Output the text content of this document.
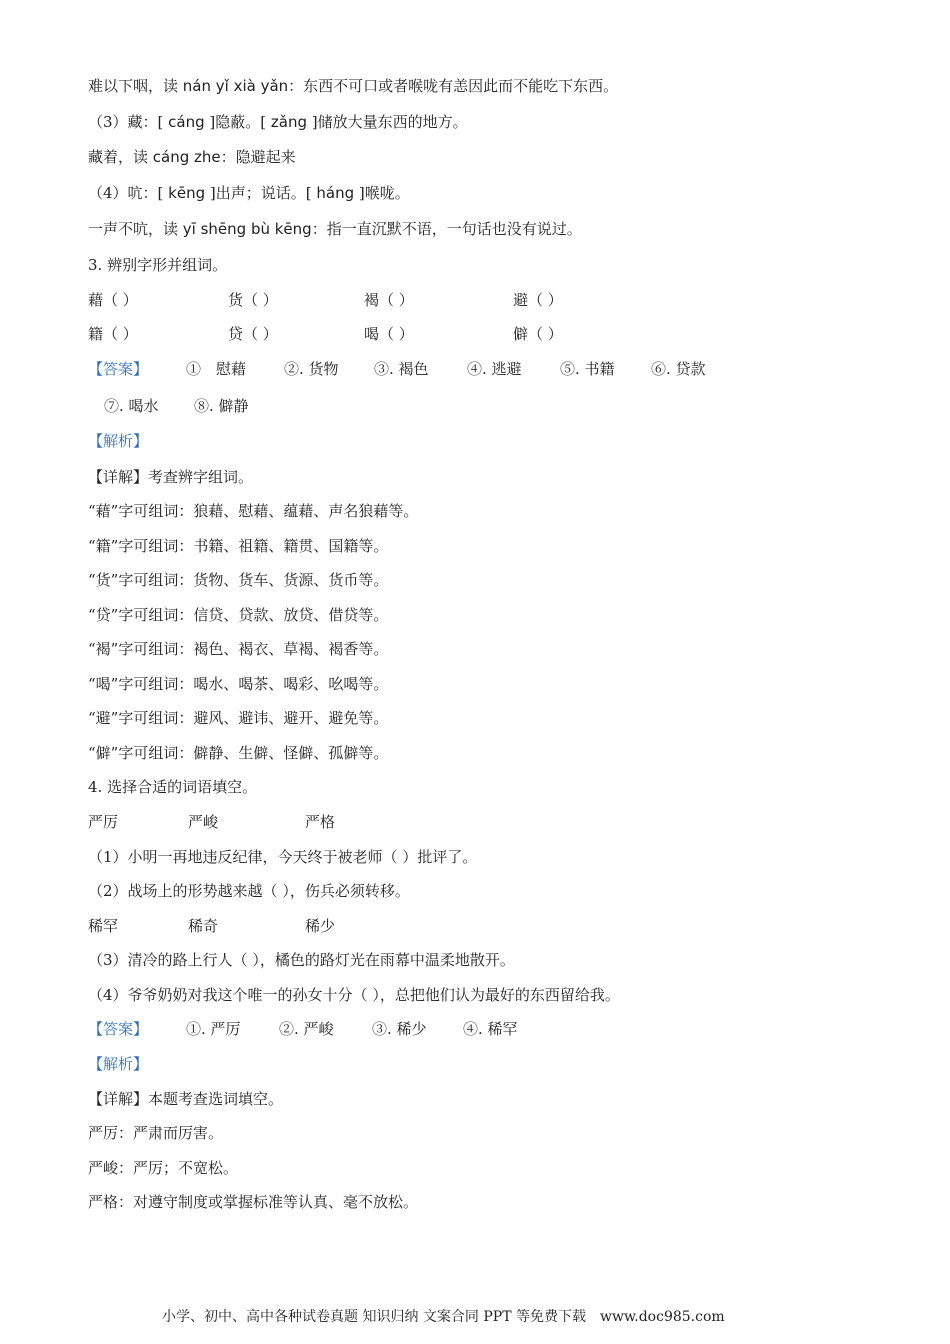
难以下咽，读 nán yǐ xià yǎn：东西不可口或者喉咙有恙因此而不能吃下东西。
（3）藏：[ cáng ]隐蔽。[ zǎng ]储放大量东西的地方。
藏着，读 cáng zhe：隐避起来
（4）吭：[ kēng ]出声；说话。[ háng ]喉咙。
一声不吭，读 yī shēng bù kēng：指一直沉默不语，一句话也没有说过。
3. 辨别字形并组词。
藉（ ）	货（ ）	褐（ ）	避（ ）
籍（ ）	贷（ ）	喝（ ）	僻（ ）
【答案】	①　慰藉	②. 货物 ③. 褐色	④. 逃避	⑤. 书籍 ⑥. 贷款
⑦. 喝水 ⑧. 僻静
【解析】
【详解】考查辨字组词。
“藉”字可组词：狼藉、慰藉、蕴藉、声名狼藉等。
“籍”字可组词：书籍、祖籍、籍贯、国籍等。
“货”字可组词：货物、货车、货源、货币等。
“贷”字可组词：信贷、贷款、放贷、借贷等。
“褐”字可组词：褐色、褐衣、草褐、褐香等。
“喝”字可组词：喝水、喝茶、喝彩、吆喝等。
“避”字可组词：避风、避讳、避开、避免等。
“僻”字可组词：僻静、生僻、怪僻、孤僻等。
4. 选择合适的词语填空。
严厉	严峻	严格
（1）小明一再地违反纪律，今天终于被老师（ ）批评了。
（2）战场上的形势越来越（ ），伤兵必须转移。
稀罕	稀奇	稀少
（3）清冷的路上行人（ ），橘色的路灯光在雨幕中温柔地散开。
（4）爷爷奶奶对我这个唯一的孙女十分（ ），总把他们认为最好的东西留给我。
【答案】	①. 严厉	②. 严峻	③. 稀少 ④. 稀罕
【解析】
【详解】本题考查选词填空。
严厉：严肃而厉害。
严峻：严厉；不宽松。
严格：对遵守制度或掌握标准等认真、毫不放松。
小学、初中、高中各种试卷真题 知识归纳 文案合同 PPT 等免费下载 www.doc985.com
